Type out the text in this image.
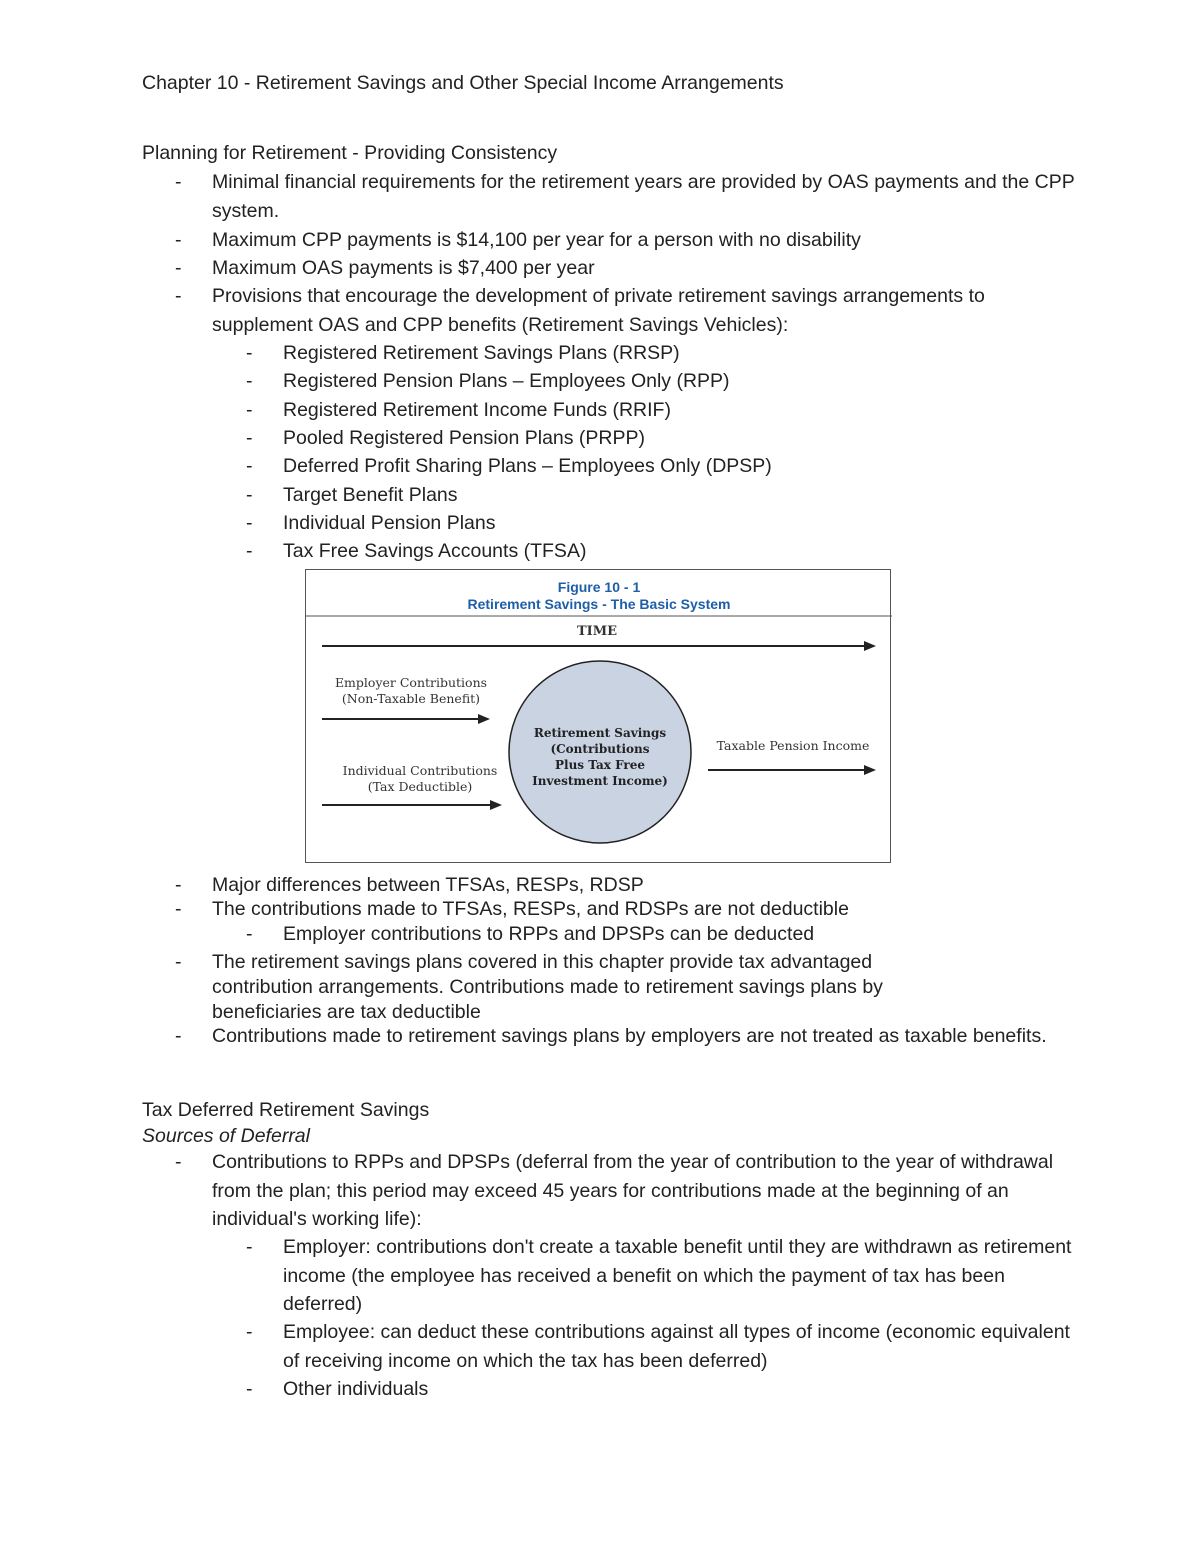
Chapter 10 - Retirement Savings and Other Special Income Arrangements
Planning for Retirement - Providing Consistency
- Minimal financial requirements for the retirement years are provided by OAS payments and the CPP system.
- Maximum CPP payments is $14,100 per year for a person with no disability
- Maximum OAS payments is $7,400 per year
- Provisions that encourage the development of private retirement savings arrangements to supplement OAS and CPP benefits (Retirement Savings Vehicles):
- Registered Retirement Savings Plans (RRSP)
- Registered Pension Plans – Employees Only (RPP)
- Registered Retirement Income Funds (RRIF)
- Pooled Registered Pension Plans (PRPP)
- Deferred Profit Sharing Plans – Employees Only (DPSP)
- Target Benefit Plans
- Individual Pension Plans
- Tax Free Savings Accounts (TFSA)
Figure 10 - 1
Retirement Savings - The Basic System
TIME
Employer Contributions
(Non-Taxable Benefit)
Individual Contributions
(Tax Deductible)
Retirement Savings
(Contributions
Plus Tax Free
Investment Income)
Taxable Pension Income
- Major differences between TFSAs, RESPs, RDSP
- The contributions made to TFSAs, RESPs, and RDSPs are not deductible
- Employer contributions to RPPs and DPSPs can be deducted
- The retirement savings plans covered in this chapter provide tax advantaged contribution arrangements. Contributions made to retirement savings plans by beneficiaries are tax deductible
- Contributions made to retirement savings plans by employers are not treated as taxable benefits.
Tax Deferred Retirement Savings
Sources of Deferral
- Contributions to RPPs and DPSPs (deferral from the year of contribution to the year of withdrawal from the plan; this period may exceed 45 years for contributions made at the beginning of an individual's working life):
- Employer: contributions don't create a taxable benefit until they are withdrawn as retirement income (the employee has received a benefit on which the payment of tax has been deferred)
- Employee: can deduct these contributions against all types of income (economic equivalent of receiving income on which the tax has been deferred)
- Other individuals
